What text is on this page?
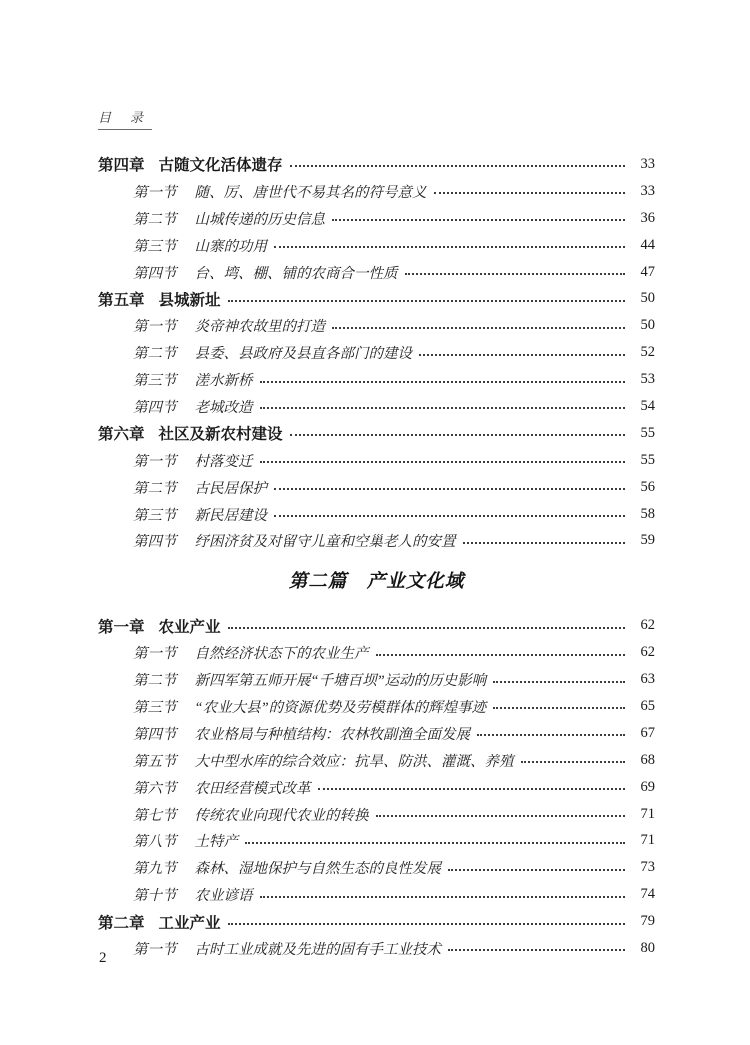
目　录
第四章 古随文化活体遗存	33
第一节 随、厉、唐世代不易其名的符号意义	33
第二节 山城传递的历史信息	36
第三节 山寨的功用	44
第四节 台、塆、棚、铺的农商合一性质	47
第五章 县城新址	50
第一节 炎帝神农故里的打造	50
第二节 县委、县政府及县直各部门的建设	52
第三节 溠水新桥	53
第四节 老城改造	54
第六章 社区及新农村建设	55
第一节 村落变迁	55
第二节 古民居保护	56
第三节 新民居建设	58
第四节 纾困济贫及对留守儿童和空巢老人的安置	59
第二篇　产业文化域
第一章 农业产业	62
第一节 自然经济状态下的农业生产	62
第二节 新四军第五师开展“千塘百坝”运动的历史影响	63
第三节 “农业大县”的资源优势及劳模群体的辉煌事迹	65
第四节 农业格局与种植结构：农林牧副渔全面发展	67
第五节 大中型水库的综合效应：抗旱、防洪、灌溉、养殖	68
第六节 农田经营模式改革	69
第七节 传统农业向现代农业的转换	71
第八节 土特产	71
第九节 森林、湿地保护与自然生态的良性发展	73
第十节 农业谚语	74
第二章 工业产业	79
第一节 古时工业成就及先进的固有手工业技术	80
2
